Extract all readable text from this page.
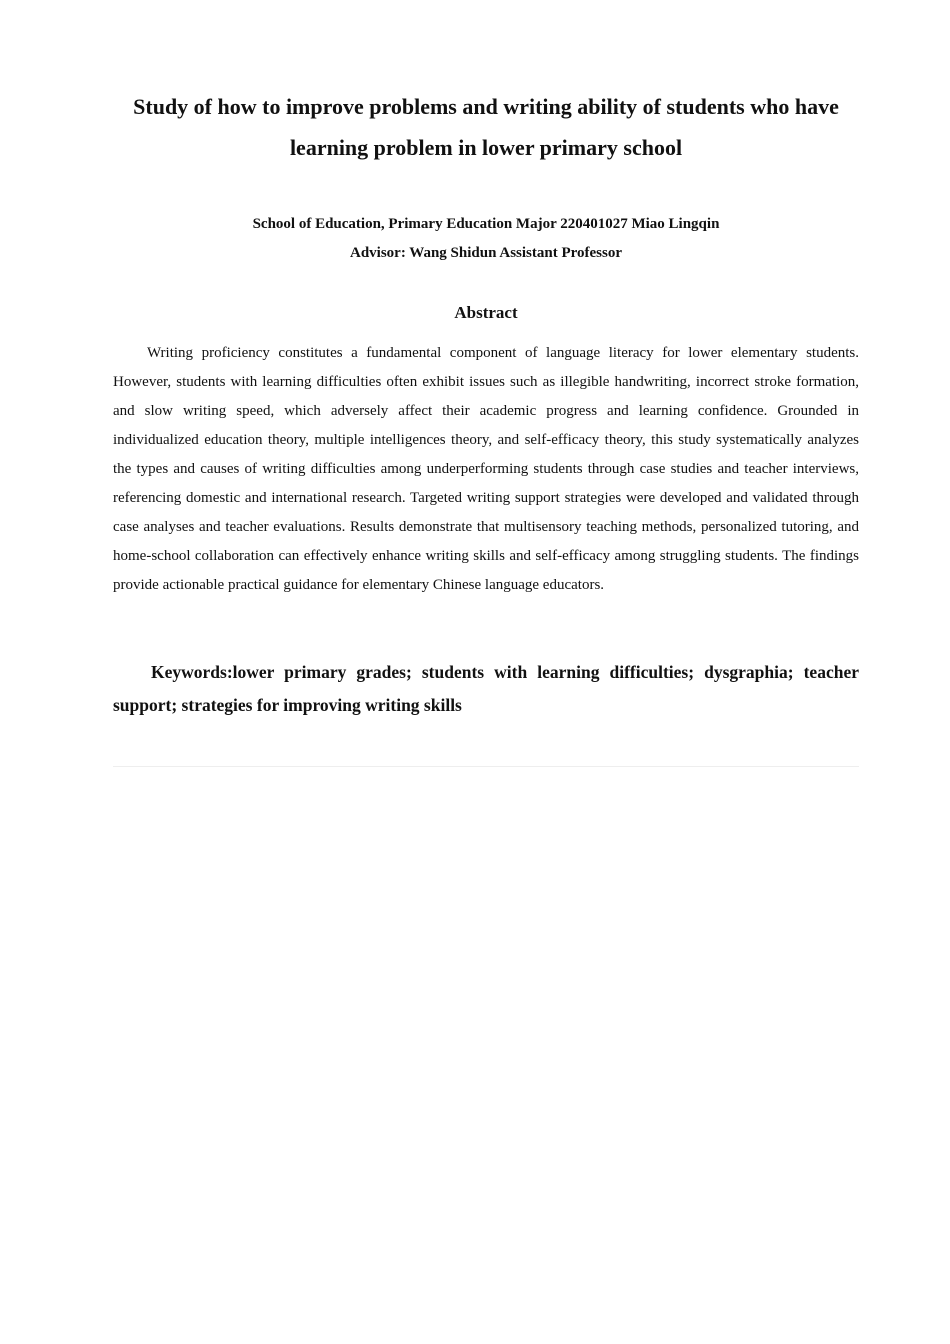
Study of how to improve problems and writing ability of students who have learning problem in lower primary school

School of Education, Primary Education Major 220401027 Miao Lingqin

Advisor: Wang Shidun Assistant Professor

Abstract

Writing proficiency constitutes a fundamental component of language literacy for lower elementary students. However, students with learning difficulties often exhibit issues such as illegible handwriting, incorrect stroke formation, and slow writing speed, which adversely affect their academic progress and learning confidence. Grounded in individualized education theory, multiple intelligences theory, and self-efficacy theory, this study systematically analyzes the types and causes of writing difficulties among underperforming students through case studies and teacher interviews, referencing domestic and international research. Targeted writing support strategies were developed and validated through case analyses and teacher evaluations. Results demonstrate that multisensory teaching methods, personalized tutoring, and home-school collaboration can effectively enhance writing skills and self-efficacy among struggling students. The findings provide actionable practical guidance for elementary Chinese language educators.

Keywords:lower primary grades; students with learning difficulties; dysgraphia; teacher support; strategies for improving writing skills
